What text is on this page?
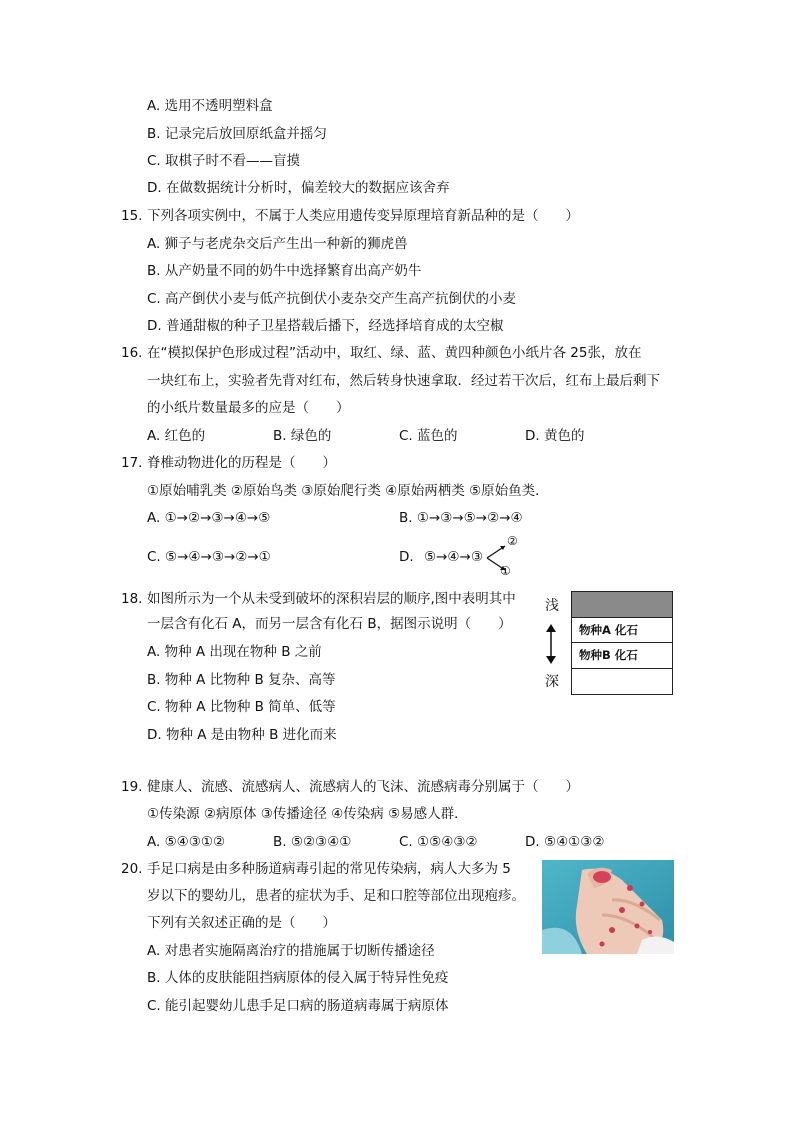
A. 选用不透明塑料盒
B. 记录完后放回原纸盒并摇匀
C. 取棋子时不看——盲摸
D. 在做数据统计分析时，偏差较大的数据应该舍弃
15. 下列各项实例中，不属于人类应用遗传变异原理培育新品种的是（　　）
A. 狮子与老虎杂交后产生出一种新的狮虎兽
B. 从产奶量不同的奶牛中选择繁育出高产奶牛
C. 高产倒伏小麦与低产抗倒伏小麦杂交产生高产抗倒伏的小麦
D. 普通甜椒的种子卫星搭载后播下，经选择培育成的太空椒
16. 在“模拟保护色形成过程”活动中，取红、绿、蓝、黄四种颜色小纸片各 25张，放在
一块红布上，实验者先背对红布，然后转身快速拿取．经过若干次后，红布上最后剩下
的小纸片数量最多的应是（　　）
A. 红色的	B. 绿色的	C. 蓝色的	D. 黄色的
17. 脊椎动物进化的历程是（　　）
①原始哺乳类 ②原始鸟类 ③原始爬行类 ④原始两栖类 ⑤原始鱼类．
A. ①→②→③→④→⑤	B. ①→③→⑤→②→④
C. ⑤→④→③→②→①	D. ⑤→④→③
②
①
18. 如图所示为一个从未受到破坏的深积岩层的顺序,图中表明其中
一层含有化石 A，而另一层含有化石 B，据图示说明（　　）
A. 物种 A 出现在物种 B 之前
B. 物种 A 比物种 B 复杂、高等
C. 物种 A 比物种 B 简单、低等
D. 物种 A 是由物种 B 进化而来
浅
深
物种A 化石
物种B 化石
19. 健康人、流感、流感病人、流感病人的飞沫、流感病毒分别属于（　　）
①传染源 ②病原体 ③传播途径 ④传染病 ⑤易感人群．
A. ⑤④③①②	B. ⑤②③④①	C. ①⑤④③②	D. ⑤④①③②
20. 手足口病是由多种肠道病毒引起的常见传染病，病人大多为 5
岁以下的婴幼儿，患者的症状为手、足和口腔等部位出现疱疹。
下列有关叙述正确的是（　　）
A. 对患者实施隔离治疗的措施属于切断传播途径
B. 人体的皮肤能阻挡病原体的侵入属于特异性免疫
C. 能引起婴幼儿患手足口病的肠道病毒属于病原体
